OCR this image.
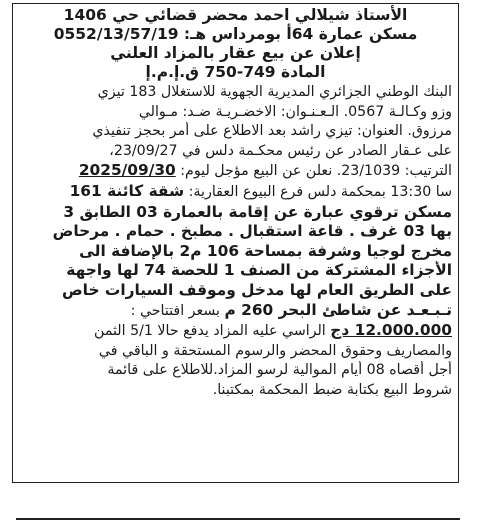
الأستاذ شيلالي احمد محضر قضائي حي 1406
مسكن عمارة 64أ بومرداس هـ: 0552/13/57/19
إعلان عن بيع عقار بالمزاد العلني
المادة 749-750 ق.إ.م.إ
البنك الوطني الجزائري المديرية الجهوية للاستغلال 183 تيزي
وزو وكـالـة 0567. الـعـنـوان: الاخضـريـة ضـد: مـوالي
مرزوق. العنوان: تيزي راشد بعد الاطلاع على أمر بحجز تنفيذي
على عـقار الصادر عن رئيس محكـمة دلس في 23/09/27،
الترتيب: 23/1039. نعلن عن البيع مؤجل ليوم: 2025/09/30
سا 13:30 بمحكمة دلس فرع البيوع العقارية: شقة كائنة 161
مسكن ترقوي عبارة عن إقامة بالعمارة 03 الطابق 3
بها 03 غرف . قاعة استقبال . مطبخ . حمام . مرحاض
مخرج لوجيا وشرفة بمساحة 106 م2 بالإضافة الى
الأجزاء المشتركة من الصنف 1 للحصة 74 لها واجهة
على الطريق العام لها مدخل وموقف السيارات خاص
تـبـعـد عن شاطئ البحر 260 م بسعر افتتاحي :
12.000.000 دج الراسي عليه المزاد يدفع حالا 5/1 الثمن
والمصاريف وحقوق المحضر والرسوم المستحقة و الباقي في
أجل أقصاه 08 أيام الموالية لرسو المزاد.للاطلاع على قائمة
شروط البيع بكتابة ضبط المحكمة بمكتبنا.
